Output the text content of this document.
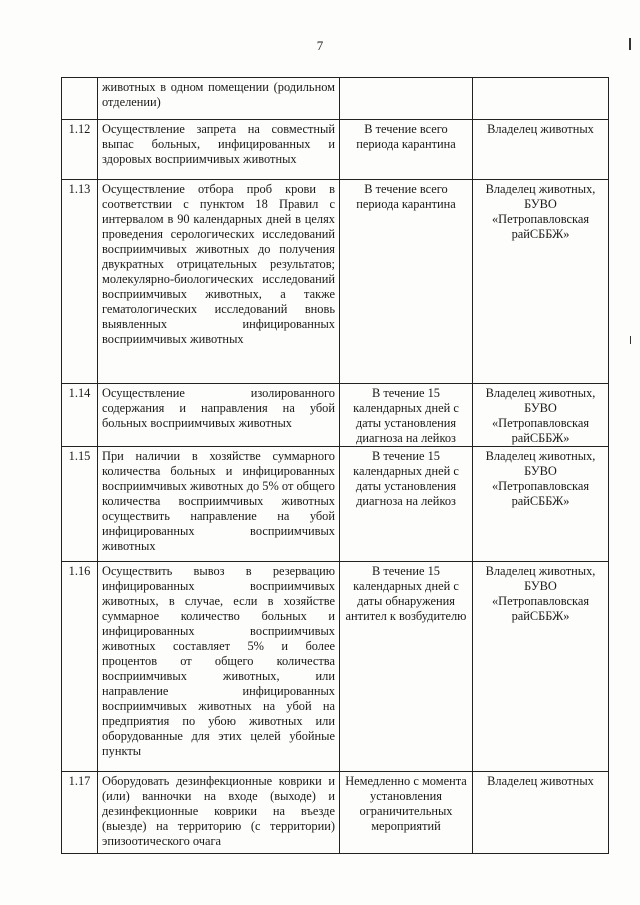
7
	животных в одном помещении (родильном отделении)		
1.12	Осуществление запрета на совместный выпас больных, инфицированных и здоровых восприимчивых животных	В течение всего периода карантина	Владелец животных
1.13	Осуществление отбора проб крови в соответствии с пунктом 18 Правил с интервалом в 90 календарных дней в целях проведения серологических исследований восприимчивых животных до получения двукратных отрицательных результатов; молекулярно-биологических исследований восприимчивых животных, а также гематологических исследований вновь выявленных инфицированных восприимчивых животных	В течение всего периода карантина	Владелец животных, БУВО «Петропавловская райСББЖ»
1.14	Осуществление изолированного содержания и направления на убой больных восприимчивых животных	В течение 15 календарных дней с даты установления диагноза на лейкоз	Владелец животных, БУВО «Петропавловская райСББЖ»
1.15	При наличии в хозяйстве суммарного количества больных и инфицированных восприимчивых животных до 5% от общего количества восприимчивых животных осуществить направление на убой инфицированных восприимчивых животных	В течение 15 календарных дней с даты установления диагноза на лейкоз	Владелец животных, БУВО «Петропавловская райСББЖ»
1.16	Осуществить вывоз в резервацию инфицированных восприимчивых животных, в случае, если в хозяйстве суммарное количество больных и инфицированных восприимчивых животных составляет 5% и более процентов от общего количества восприимчивых животных, или направление инфицированных восприимчивых животных на убой на предприятия по убою животных или оборудованные для этих целей убойные пункты	В течение 15 календарных дней с даты обнаружения антител к возбудителю	Владелец животных, БУВО «Петропавловская райСББЖ»
1.17	Оборудовать дезинфекционные коврики и (или) ванночки на входе (выходе) и дезинфекционные коврики на въезде (выезде) на территорию (с территории) эпизоотического очага	Немедленно с момента установления ограничительных мероприятий	Владелец животных
